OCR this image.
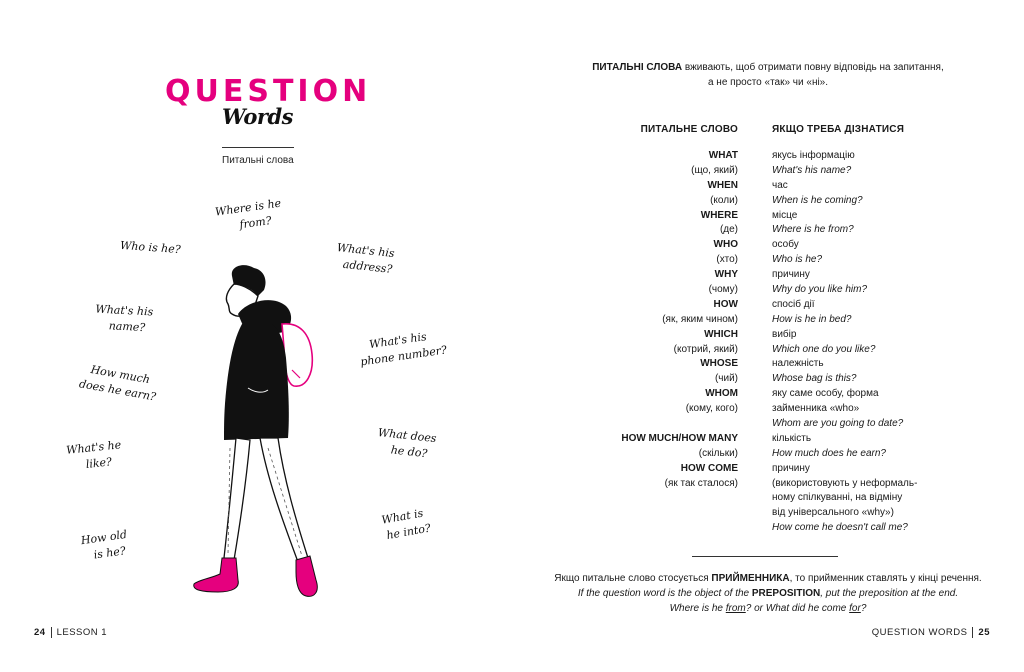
QUESTION
Words
Питальні слова
Where is he
from?
Who is he?	What's his
address?
What's his
name?
What's his
phone number?
How much
does he earn?
What does
he do?
What's he
like?
What is
he into?
How old
is he?
24 LESSON 1
ПИТАЛЬНІ СЛОВА вживають, щоб отримати повну відповідь на запитання,
а не просто «так» чи «ні».
ПИТАЛЬНЕ СЛОВО	ЯКЩО ТРЕБА ДІЗНАТИСЯ
WHAT	якусь інформацію
(що, який)	What's his name?
WHEN	час
(коли)	When is he coming?
WHERE	місце
(де)	Where is he from?
WHO	особу
(хто)	Who is he?
WHY	причину
(чому)	Why do you like him?
HOW	спосіб дії
(як, яким чином)	How is he in bed?
WHICH	вибір
(котрий, який)	Which one do you like?
WHOSE	належність
(чий)	Whose bag is this?
WHOM	яку саме особу, форма
(кому, кого)	займенника «who»
Whom are you going to date?
HOW MUCH/HOW MANY	кількість
(скільки)	How much does he earn?
HOW COME	причину
(як так сталося)	(використовують у неформаль-
ному спілкуванні, на відміну
від універсального «why»)
How come he doesn't call me?
Якщо питальне слово стосується ПРИЙМЕННИКА, то прийменник ставлять у кінці речення.
If the question word is the object of the PREPOSITION, put the preposition at the end.
Where is he from? or What did he come for?
QUESTION WORDS 25
